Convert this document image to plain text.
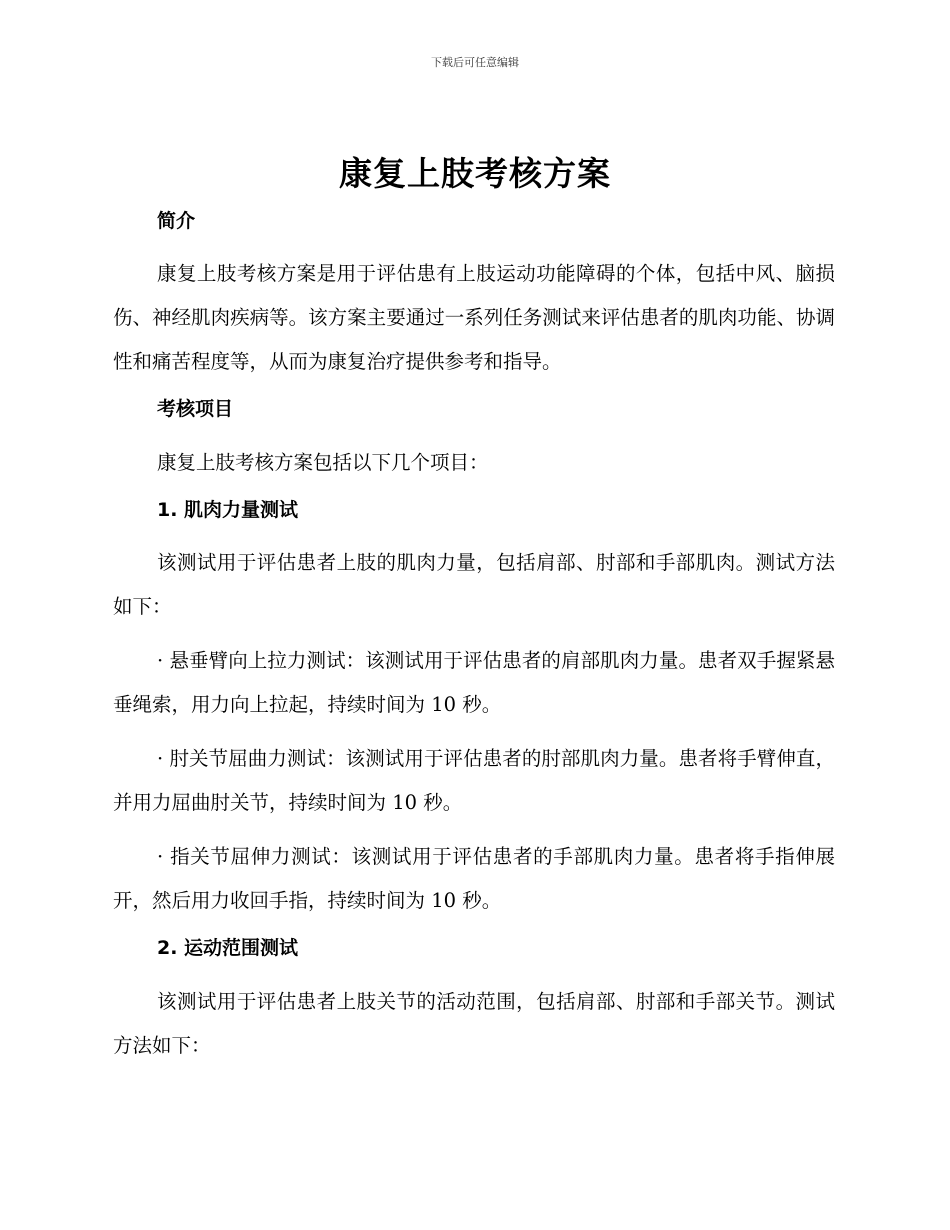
下载后可任意编辑
康复上肢考核方案
简介

康复上肢考核方案是用于评估患有上肢运动功能障碍的个体，包括中风、脑损伤、神经肌肉疾病等。该方案主要通过一系列任务测试来评估患者的肌肉功能、协调性和痛苦程度等，从而为康复治疗提供参考和指导。

考核项目

康复上肢考核方案包括以下几个项目：

1. 肌肉力量测试

该测试用于评估患者上肢的肌肉力量，包括肩部、肘部和手部肌肉。测试方法如下：

· 悬垂臂向上拉力测试：该测试用于评估患者的肩部肌肉力量。患者双手握紧悬垂绳索，用力向上拉起，持续时间为 10 秒。

· 肘关节屈曲力测试：该测试用于评估患者的肘部肌肉力量。患者将手臂伸直，并用力屈曲肘关节，持续时间为 10 秒。

· 指关节屈伸力测试：该测试用于评估患者的手部肌肉力量。患者将手指伸展开，然后用力收回手指，持续时间为 10 秒。

2. 运动范围测试

该测试用于评估患者上肢关节的活动范围，包括肩部、肘部和手部关节。测试方法如下：
